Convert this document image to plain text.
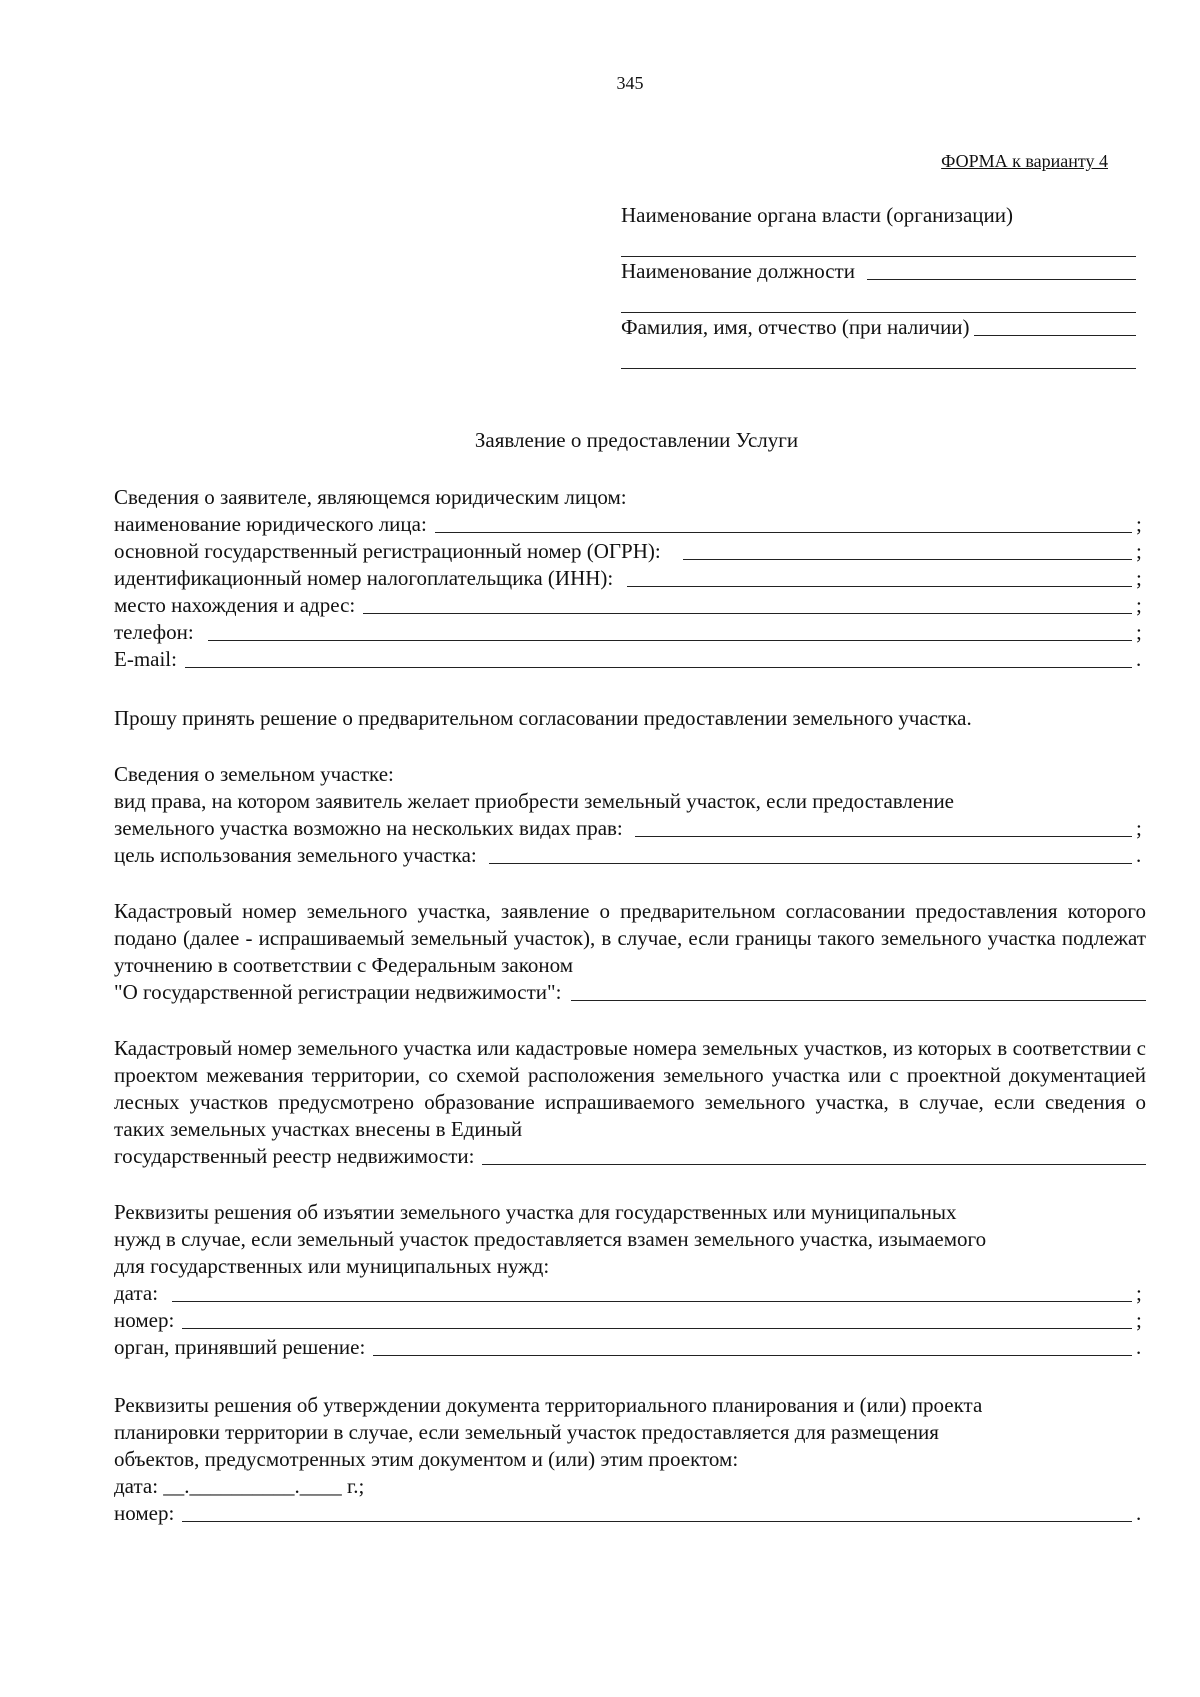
345
ФОРМА к варианту 4
Наименование органа власти (организации)
Наименование должности
Фамилия, имя, отчество (при наличии)
Заявление о предоставлении Услуги
Сведения о заявителе, являющемся юридическим лицом:
наименование юридического лица:	;
основной государственный регистрационный номер (ОГРН):	;
идентификационный номер налогоплательщика (ИНН):	;
место нахождения и адрес:	;
телефон:	;
E-mail:	.
Прошу принять решение о предварительном согласовании предоставлении земельного участка.
Сведения о земельном участке:
вид права, на котором заявитель желает приобрести земельный участок, если предоставление
земельного участка возможно на нескольких видах прав:	;
цель использования земельного участка:	.
Кадастровый номер земельного участка, заявление о предварительном согласовании предоставления которого подано (далее - испрашиваемый земельный участок), в случае, если границы такого земельного участка подлежат уточнению в соответствии с Федеральным законом
"О государственной регистрации недвижимости":
Кадастровый номер земельного участка или кадастровые номера земельных участков, из которых в соответствии с проектом межевания территории, со схемой расположения земельного участка или с проектной документацией лесных участков предусмотрено образование испрашиваемого земельного участка, в случае, если сведения о таких земельных участках внесены в Единый
государственный реестр недвижимости:
Реквизиты решения об изъятии земельного участка для государственных или муниципальных
нужд в случае, если земельный участок предоставляется взамен земельного участка, изымаемого
для государственных или муниципальных нужд:
дата:	;
номер:	;
орган, принявший решение:	.
Реквизиты решения об утверждении документа территориального планирования и (или) проекта
планировки территории в случае, если земельный участок предоставляется для размещения
объектов, предусмотренных этим документом и (или) этим проектом:
дата: __.__________.____ г.;
номер:	.
